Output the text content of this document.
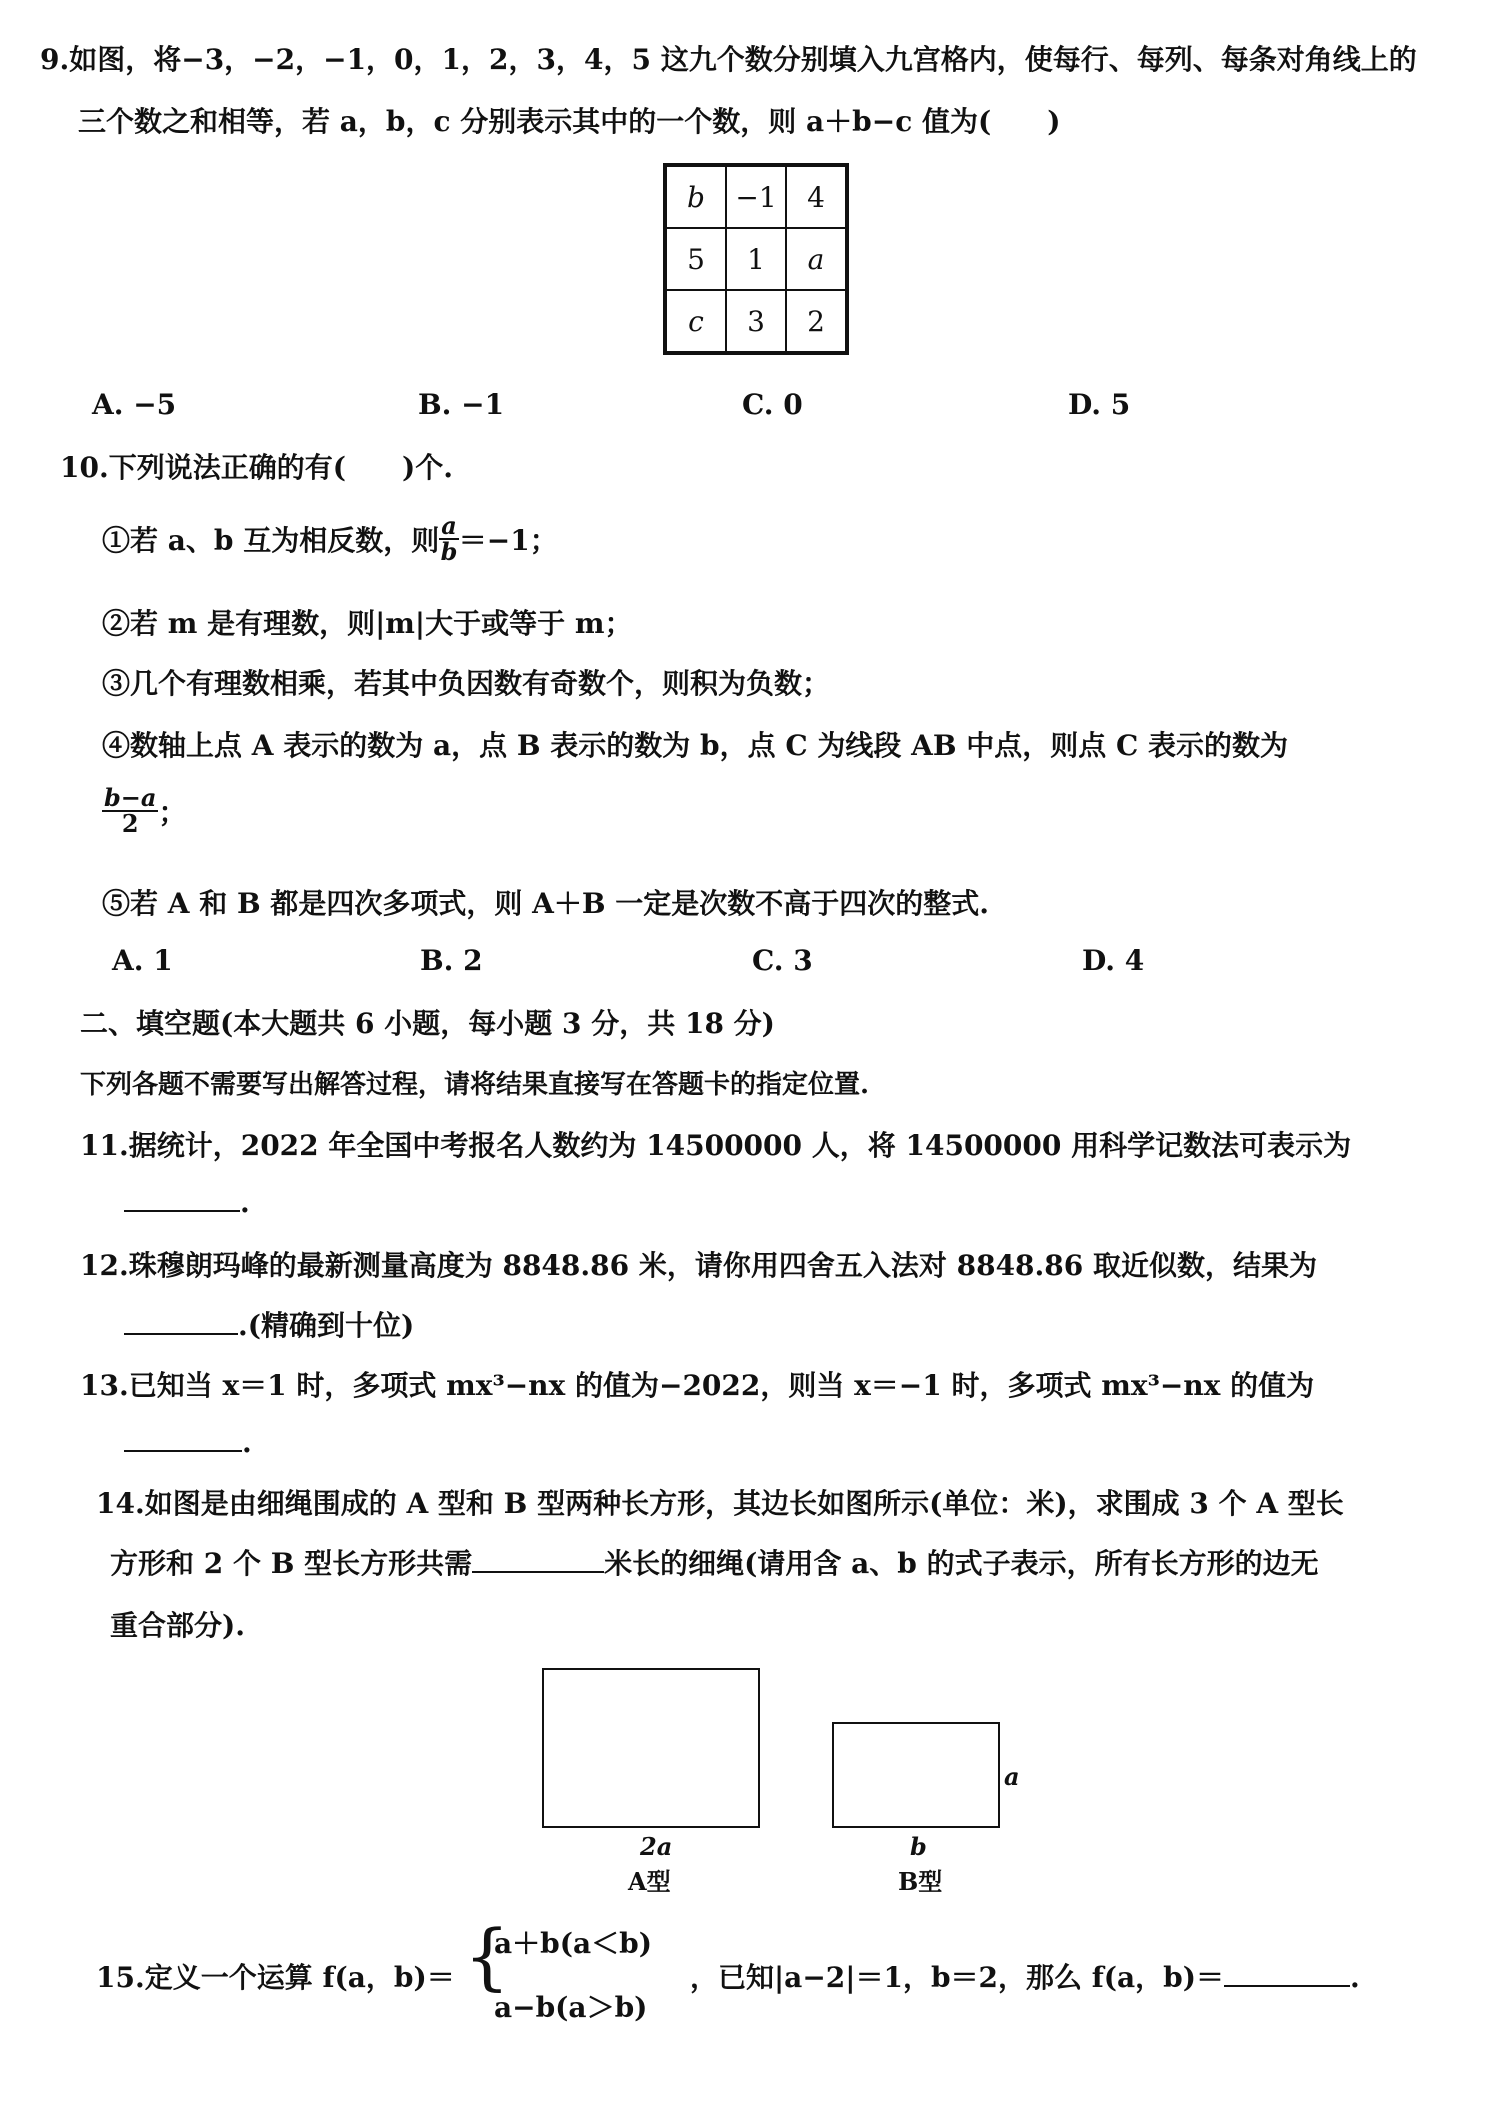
9.如图，将−3，−2，−1，0，1，2，3，4，5 这九个数分别填入九宫格内，使每行、每列、每条对角线上的
三个数之和相等，若 a，b，c 分别表示其中的一个数，则 a＋b−c 值为(　　)
b	−1	4
5	1	a
c	3	2
A. −5	B. −1	C. 0	D. 5
10.下列说法正确的有(　　)个.
①若 a、b 互为相反数，则 $\frac{a}{b} =-1$；
②若 m 是有理数，则|m|大于或等于 m；
③几个有理数相乘，若其中负因数有奇数个，则积为负数；
④数轴上点 A 表示的数为 a，点 B 表示的数为 b，点 C 为线段 AB 中点，则点 C 表示的数为
$\frac{b-a}{2}$ ；
⑤若 A 和 B 都是四次多项式，则 A＋B 一定是次数不高于四次的整式.
A. 1	B. 2	C. 3	D. 4
二、填空题(本大题共 6 小题，每小题 3 分，共 18 分)
下列各题不需要写出解答过程，请将结果直接写在答题卡的指定位置.
11.据统计，2022 年全国中考报名人数约为 14500000 人，将 14500000 用科学记数法可表示为
.
12.珠穆朗玛峰的最新测量高度为 8848.86 米，请你用四舍五入法对 8848.86 取近似数，结果为
.(精确到十位)
13.已知当 x＝1 时，多项式 mx³−nx 的值为−2022，则当 x＝−1 时，多项式 mx³−nx 的值为
.
14.如图是由细绳围成的 A 型和 B 型两种长方形，其边长如图所示(单位：米)，求围成 3 个 A 型长
方形和 2 个 B 型长方形共需	米长的细绳(请用含 a、b 的式子表示，所有长方形的边无
重合部分).
2a
A型
b
a
B型
15.定义一个运算 f(a，b)＝ {
a＋b(a＜b)
a−b(a＞b)
，已知|a−2|＝1，b＝2，那么 f(a，b)＝	.
